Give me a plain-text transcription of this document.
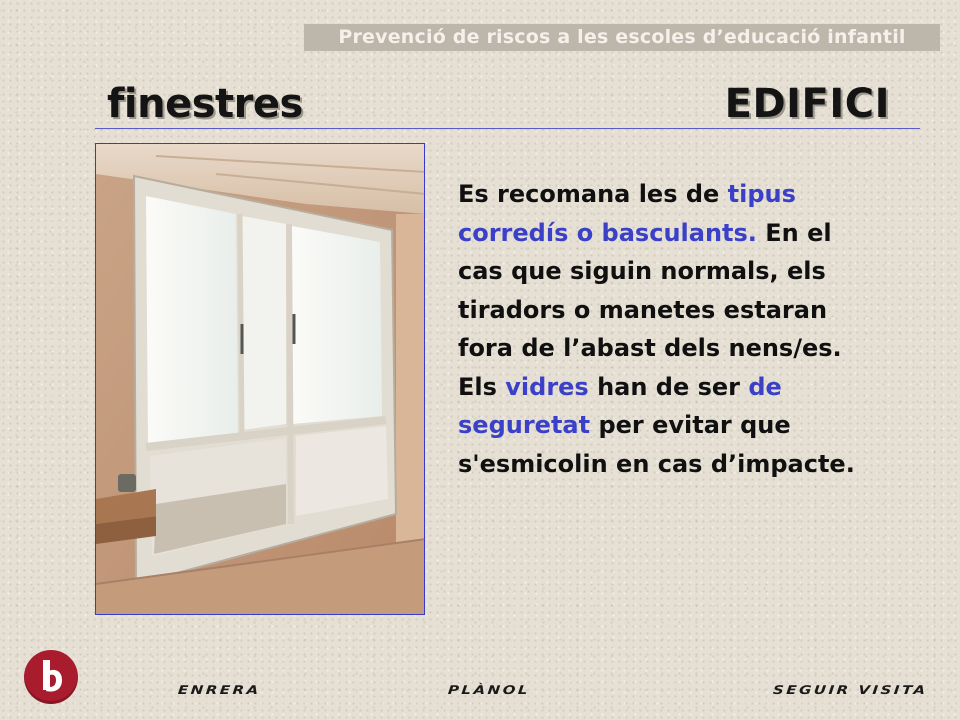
Prevenció de riscos a les escoles d’educació infantil
finestres	EDIFICI
Es recomana les de tipus corredís o basculants. En el cas que siguin normals, els tiradors o manetes estaran fora de l’abast dels nens/es.
Els vidres han de ser de seguretat per evitar que s'esmicolin en cas d’impacte.
ENRERA	PLÀNOL	SEGUIR VISITA
